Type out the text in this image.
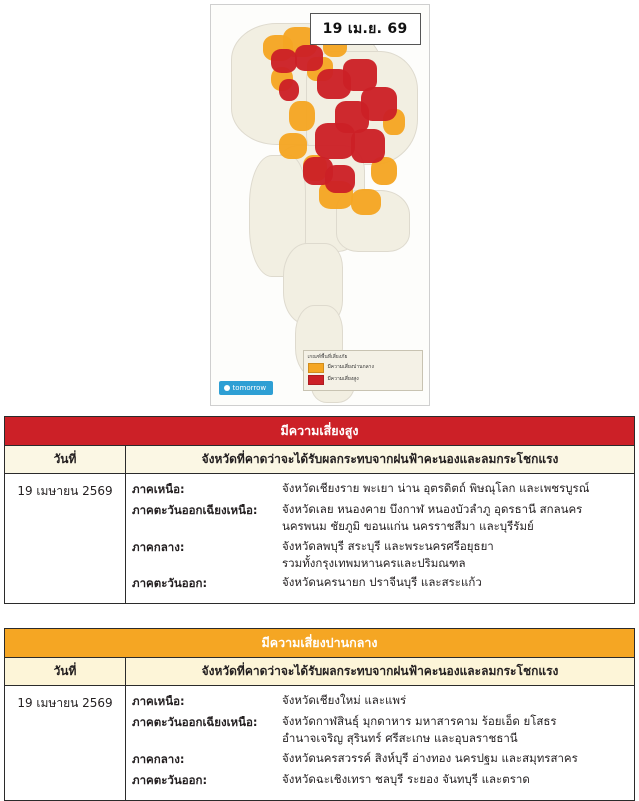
19 เม.ย. 69
เกณฑ์พื้นที่เสี่ยงภัย
มีความเสี่ยงปานกลาง
มีความเสี่ยงสูง
tomorrow
มีความเสี่ยงสูง	
วันที่	จังหวัดที่คาดว่าจะได้รับผลกระทบจากฝนฟ้าคะนองและลมกระโชกแรง
19 เมษายน 2569	ภาคเหนือ:	จังหวัดเชียงราย พะเยา น่าน อุตรดิตถ์ พิษณุโลก และเพชรบูรณ์
ภาคตะวันออกเฉียงเหนือ:	จังหวัดเลย หนองคาย บึงกาฬ หนองบัวลำภู อุดรธานี สกลนคร
นครพนม ชัยภูมิ ขอนแก่น นครราชสีมา และบุรีรัมย์
ภาคกลาง:	จังหวัดลพบุรี สระบุรี และพระนครศรีอยุธยา
รวมทั้งกรุงเทพมหานครและปริมณฑล
ภาคตะวันออก:	จังหวัดนครนายก ปราจีนบุรี และสระแก้ว
มีความเสี่ยงปานกลาง	
วันที่	จังหวัดที่คาดว่าจะได้รับผลกระทบจากฝนฟ้าคะนองและลมกระโชกแรง
19 เมษายน 2569	ภาคเหนือ:	จังหวัดเชียงใหม่ และแพร่
ภาคตะวันออกเฉียงเหนือ:	จังหวัดกาฬสินธุ์ มุกดาหาร มหาสารคาม ร้อยเอ็ด ยโสธร
อำนาจเจริญ สุรินทร์ ศรีสะเกษ และอุบลราชธานี
ภาคกลาง:	จังหวัดนครสวรรค์ สิงห์บุรี อ่างทอง นครปฐม และสมุทรสาคร
ภาคตะวันออก:	จังหวัดฉะเชิงเทรา ชลบุรี ระยอง จันทบุรี และตราด
